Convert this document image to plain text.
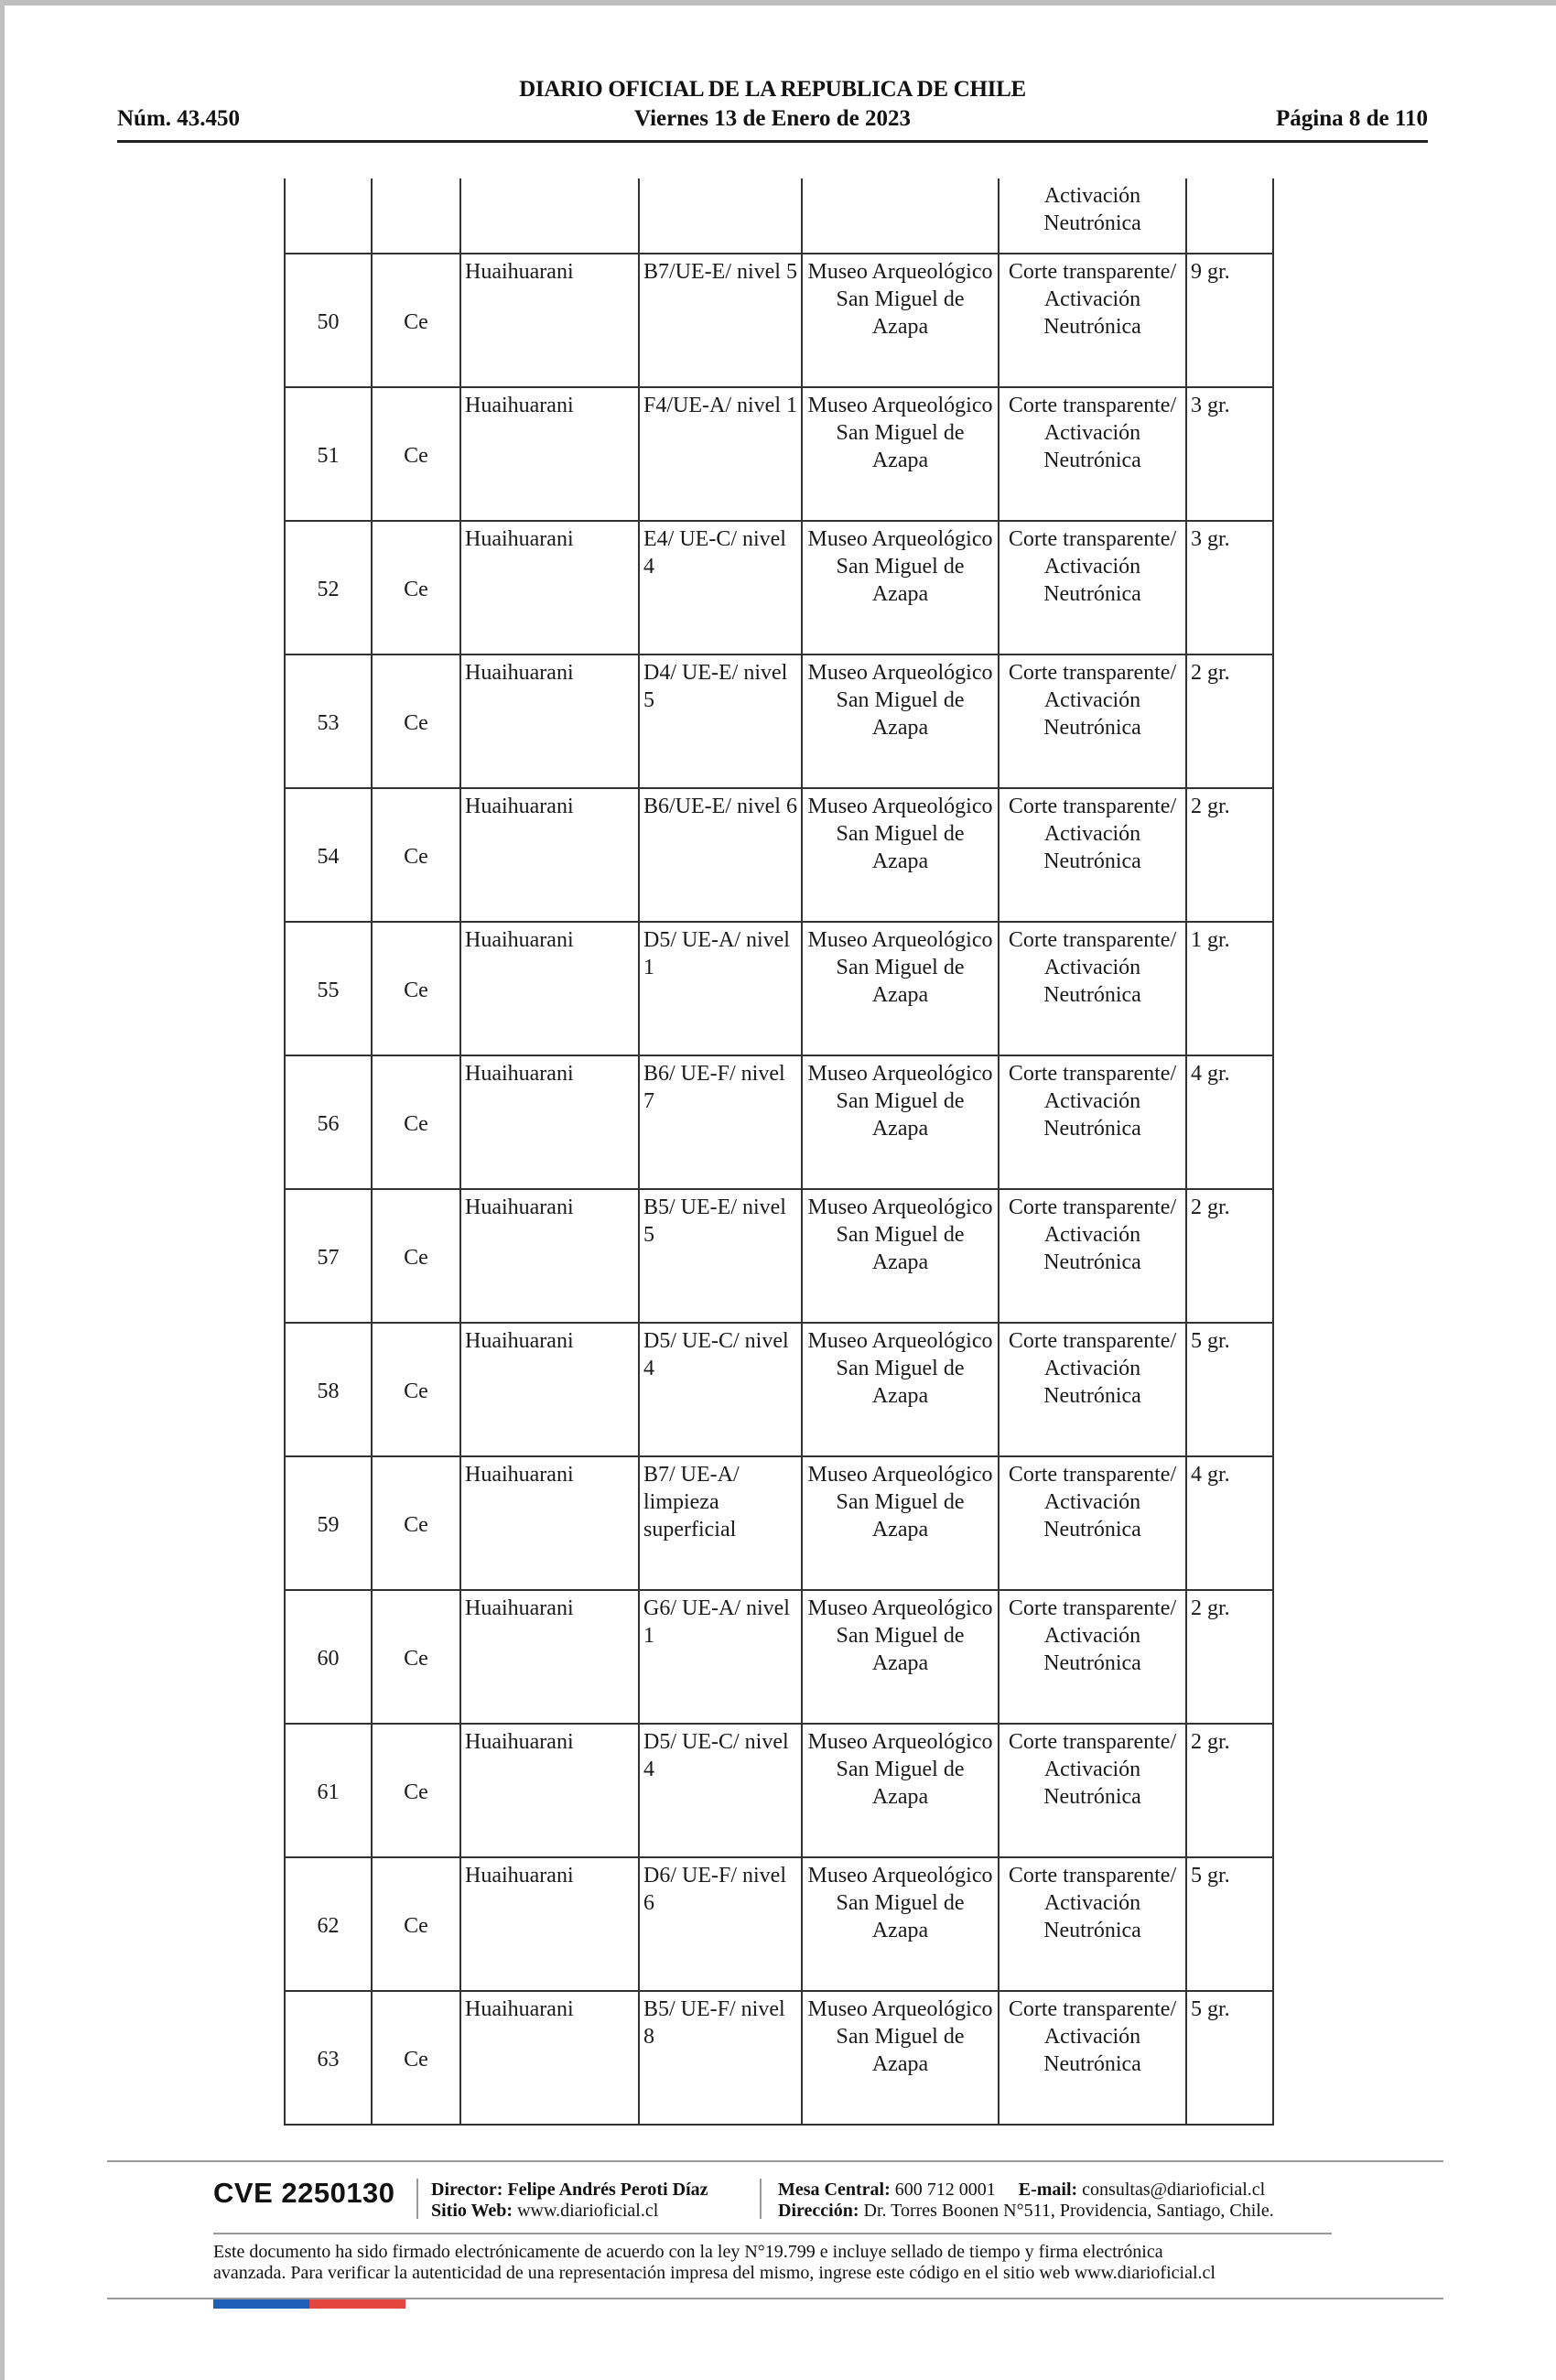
DIARIO OFICIAL DE LA REPUBLICA DE CHILE
Núm. 43.450	Viernes 13 de Enero de 2023	Página 8 de 110
					Activación Neutrónica	
50	Ce	Huaihuarani	B7/UE-E/ nivel 5	Museo Arqueológico San Miguel de Azapa	Corte transparente/ Activación Neutrónica	9 gr.
51	Ce	Huaihuarani	F4/UE-A/ nivel 1	Museo Arqueológico San Miguel de Azapa	Corte transparente/ Activación Neutrónica	3 gr.
52	Ce	Huaihuarani	E4/ UE-C/ nivel 4	Museo Arqueológico San Miguel de Azapa	Corte transparente/ Activación Neutrónica	3 gr.
53	Ce	Huaihuarani	D4/ UE-E/ nivel 5	Museo Arqueológico San Miguel de Azapa	Corte transparente/ Activación Neutrónica	2 gr.
54	Ce	Huaihuarani	B6/UE-E/ nivel 6	Museo Arqueológico San Miguel de Azapa	Corte transparente/ Activación Neutrónica	2 gr.
55	Ce	Huaihuarani	D5/ UE-A/ nivel 1	Museo Arqueológico San Miguel de Azapa	Corte transparente/ Activación Neutrónica	1 gr.
56	Ce	Huaihuarani	B6/ UE-F/ nivel 7	Museo Arqueológico San Miguel de Azapa	Corte transparente/ Activación Neutrónica	4 gr.
57	Ce	Huaihuarani	B5/ UE-E/ nivel 5	Museo Arqueológico San Miguel de Azapa	Corte transparente/ Activación Neutrónica	2 gr.
58	Ce	Huaihuarani	D5/ UE-C/ nivel 4	Museo Arqueológico San Miguel de Azapa	Corte transparente/ Activación Neutrónica	5 gr.
59	Ce	Huaihuarani	B7/ UE-A/ limpieza superficial	Museo Arqueológico San Miguel de Azapa	Corte transparente/ Activación Neutrónica	4 gr.
60	Ce	Huaihuarani	G6/ UE-A/ nivel 1	Museo Arqueológico San Miguel de Azapa	Corte transparente/ Activación Neutrónica	2 gr.
61	Ce	Huaihuarani	D5/ UE-C/ nivel 4	Museo Arqueológico San Miguel de Azapa	Corte transparente/ Activación Neutrónica	2 gr.
62	Ce	Huaihuarani	D6/ UE-F/ nivel 6	Museo Arqueológico San Miguel de Azapa	Corte transparente/ Activación Neutrónica	5 gr.
63	Ce	Huaihuarani	B5/ UE-F/ nivel 8	Museo Arqueológico San Miguel de Azapa	Corte transparente/ Activación Neutrónica	5 gr.
CVE 2250130 Director: Felipe Andrés Peroti Díaz
Sitio Web: www.diarioficial.cl
Mesa Central: 600 712 0001 E-mail: consultas@diarioficial.cl
Dirección: Dr. Torres Boonen N°511, Providencia, Santiago, Chile.
Este documento ha sido firmado electrónicamente de acuerdo con la ley N°19.799 e incluye sellado de tiempo y firma electrónica
avanzada. Para verificar la autenticidad de una representación impresa del mismo, ingrese este código en el sitio web www.diarioficial.cl
